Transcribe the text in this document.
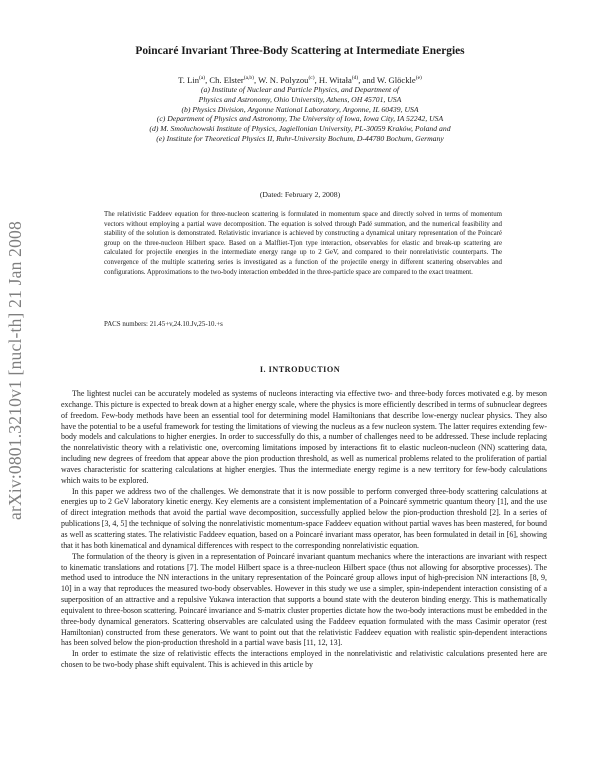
arXiv:0801.3210v1 [nucl-th] 21 Jan 2008
Poincaré Invariant Three-Body Scattering at Intermediate Energies
T. Lin$^{(a)}$, Ch. Elster$^{(a,b)}$, W. N. Polyzou$^{(c)}$, H. Witała$^{(d)}$, and W. Glöckle$^{(e)}$
(a) Institute of Nuclear and Particle Physics, and Department of
Physics and Astronomy, Ohio University, Athens, OH 45701, USA
(b) Physics Division, Argonne National Laboratory, Argonne, IL 60439, USA
(c) Department of Physics and Astronomy, The University of Iowa, Iowa City, IA 52242, USA
(d) M. Smoluchowski Institute of Physics, Jagiellonian University, PL-30059 Kraków, Poland and
(e) Institute for Theoretical Physics II, Ruhr-University Bochum, D-44780 Bochum, Germany
(Dated: February 2, 2008)

The relativistic Faddeev equation for three-nucleon scattering is formulated in momentum space and directly solved in terms of momentum vectors without employing a partial wave decomposition. The equation is solved through Padé summation, and the numerical feasibility and stability of the solution is demonstrated. Relativistic invariance is achieved by constructing a dynamical unitary representation of the Poincaré group on the three-nucleon Hilbert space. Based on a Malfliet-Tjon type interaction, observables for elastic and break-up scattering are calculated for projectile energies in the intermediate energy range up to 2 GeV, and compared to their nonrelativistic counterparts. The convergence of the multiple scattering series is investigated as a function of the projectile energy in different scattering observables and configurations. Approximations to the two-body interaction embedded in the three-particle space are compared to the exact treatment.

PACS numbers: 21.45+v,24.10.Jv,25-10.+s
I. INTRODUCTION

The lightest nuclei can be accurately modeled as systems of nucleons interacting via effective two- and three-body forces motivated e.g. by meson exchange. This picture is expected to break down at a higher energy scale, where the physics is more efficiently described in terms of subnuclear degrees of freedom. Few-body methods have been an essential tool for determining model Hamiltonians that describe low-energy nuclear physics. They also have the potential to be a useful framework for testing the limitations of viewing the nucleus as a few nucleon system. The latter requires extending few-body models and calculations to higher energies. In order to successfully do this, a number of challenges need to be addressed. These include replacing the nonrelativistic theory with a relativistic one, overcoming limitations imposed by interactions fit to elastic nucleon-nucleon (NN) scattering data, including new degrees of freedom that appear above the pion production threshold, as well as numerical problems related to the proliferation of partial waves characteristic for scattering calculations at higher energies. Thus the intermediate energy regime is a new territory for few-body calculations which waits to be explored.

In this paper we address two of the challenges. We demonstrate that it is now possible to perform converged three-body scattering calculations at energies up to 2 GeV laboratory kinetic energy. Key elements are a consistent implementation of a Poincaré symmetric quantum theory [1], and the use of direct integration methods that avoid the partial wave decomposition, successfully applied below the pion-production threshold [2]. In a series of publications [3, 4, 5] the technique of solving the nonrelativistic momentum-space Faddeev equation without partial waves has been mastered, for bound as well as scattering states. The relativistic Faddeev equation, based on a Poincaré invariant mass operator, has been formulated in detail in [6], showing that it has both kinematical and dynamical differences with respect to the corresponding nonrelativistic equation.

The formulation of the theory is given in a representation of Poincaré invariant quantum mechanics where the interactions are invariant with respect to kinematic translations and rotations [7]. The model Hilbert space is a three-nucleon Hilbert space (thus not allowing for absorptive processes). The method used to introduce the NN interactions in the unitary representation of the Poincaré group allows input of high-precision NN interactions [8, 9, 10] in a way that reproduces the measured two-body observables. However in this study we use a simpler, spin-independent interaction consisting of a superposition of an attractive and a repulsive Yukawa interaction that supports a bound state with the deuteron binding energy. This is mathematically equivalent to three-boson scattering. Poincaré invariance and S-matrix cluster properties dictate how the two-body interactions must be embedded in the three-body dynamical generators. Scattering observables are calculated using the Faddeev equation formulated with the mass Casimir operator (rest Hamiltonian) constructed from these generators. We want to point out that the relativistic Faddeev equation with realistic spin-dependent interactions has been solved below the pion-production threshold in a partial wave basis [11, 12, 13].

In order to estimate the size of relativistic effects the interactions employed in the nonrelativistic and relativistic calculations presented here are chosen to be two-body phase shift equivalent. This is achieved in this article by
